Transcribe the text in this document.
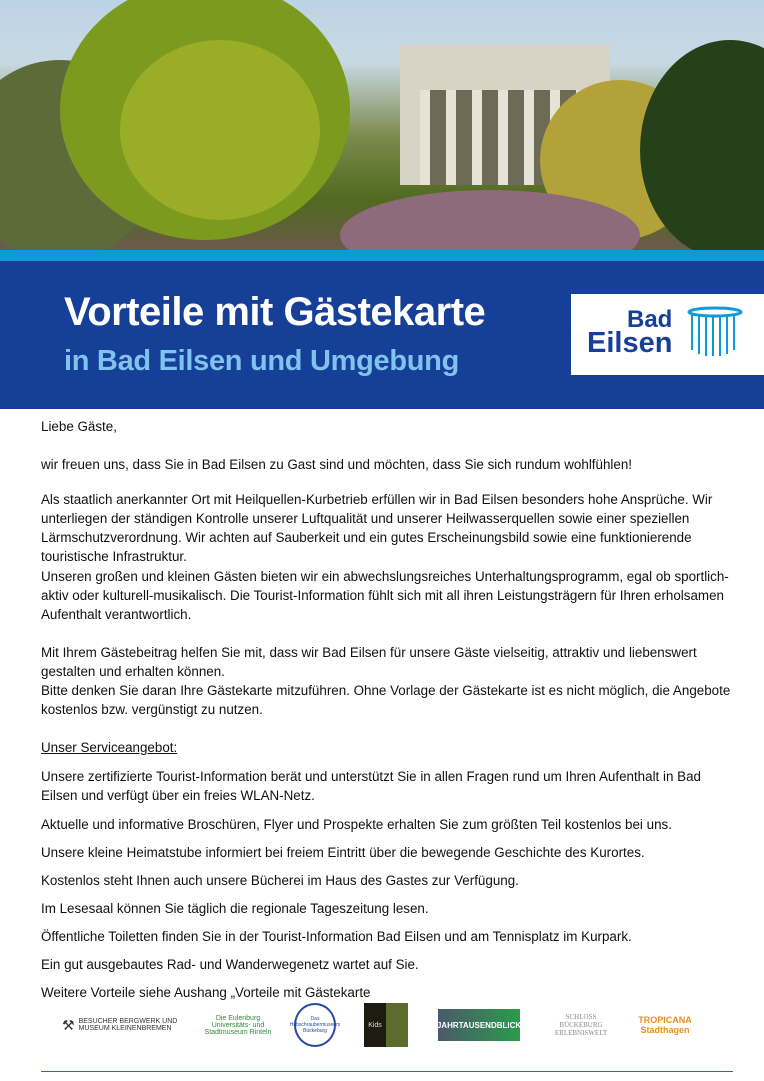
Vorteile mit Gästekarte
in Bad Eilsen und Umgebung
Bad
Eilsen
Liebe Gäste,
wir freuen uns, dass Sie in Bad Eilsen zu Gast sind und möchten, dass Sie sich rundum wohlfühlen!
Als staatlich anerkannter Ort mit Heilquellen-Kurbetrieb erfüllen wir in Bad Eilsen besonders hohe Ansprüche. Wir unterliegen der ständigen Kontrolle unserer Luftqualität und unserer Heilwasserquellen sowie einer speziellen Lärmschutzverordnung. Wir achten auf Sauberkeit und ein gutes Erscheinungsbild sowie eine funktionierende touristische Infrastruktur.
Unseren großen und kleinen Gästen bieten wir ein abwechslungsreiches Unterhaltungsprogramm, egal ob sportlich-aktiv oder kulturell-musikalisch. Die Tourist-Information fühlt sich mit all ihren Leistungsträgern für Ihren erholsamen Aufenthalt verantwortlich.
Mit Ihrem Gästebeitrag helfen Sie mit, dass wir Bad Eilsen für unsere Gäste vielseitig, attraktiv und liebenswert gestalten und erhalten können.
Bitte denken Sie daran Ihre Gästekarte mitzuführen. Ohne Vorlage der Gästekarte ist es nicht möglich, die Angebote kostenlos bzw. vergünstigt zu nutzen.
Unser Serviceangebot:
Unsere zertifizierte Tourist-Information berät und unterstützt Sie in allen Fragen rund um Ihren Aufenthalt in Bad Eilsen und verfügt über ein freies WLAN-Netz.
Aktuelle und informative Broschüren, Flyer und Prospekte erhalten Sie zum größten Teil kostenlos bei uns.
Unsere kleine Heimatstube informiert bei freiem Eintritt über die bewegende Geschichte des Kurortes.
Kostenlos steht Ihnen auch unsere Bücherei im Haus des Gastes zur Verfügung.
Im Lesesaal können Sie täglich die regionale Tageszeitung lesen.
Öffentliche Toiletten finden Sie in der Tourist-Information Bad Eilsen und am Tennisplatz im Kurpark.
Ein gut ausgebautes Rad- und Wanderwegenetz wartet auf Sie.
Weitere Vorteile siehe Aushang „Vorteile mit Gästekarte
⚒ BESUCHER BERGWERK UND MUSEUM KLEINENBREMEN
Die Eulenburg Universitäts- und Stadtmuseum Rinteln
Das Hubschraubermuseum Bückeburg
Kids	JAHRTAUSENDBLICK
SCHLOSS BÜCKEBURG ERLEBNISWELT
TROPICANA Stadthagen
